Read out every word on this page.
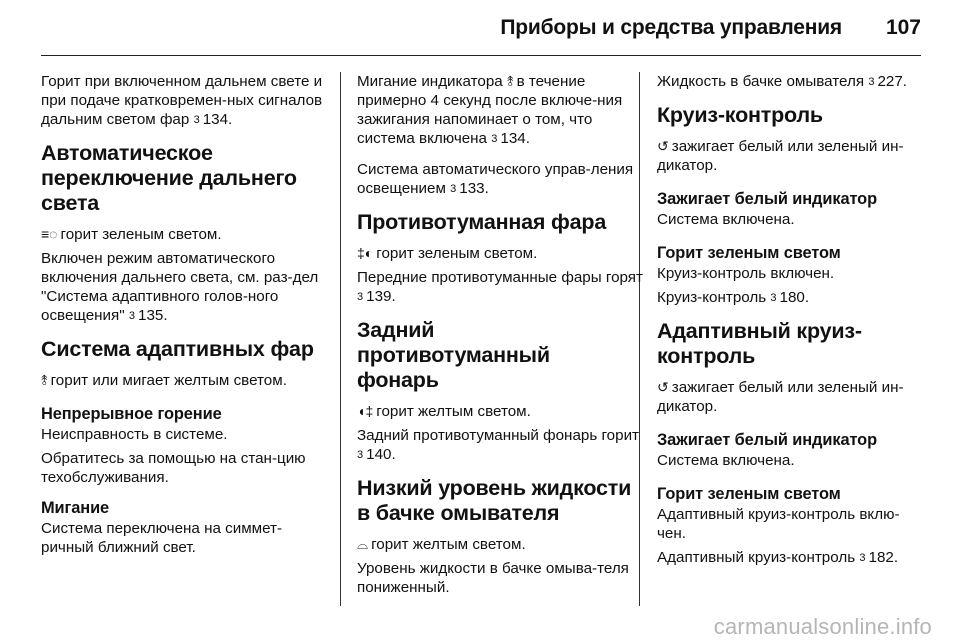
Приборы и средства управления 107

Горит при включенном дальнем свете и при подаче кратковремен-ных сигналов дальним светом фар 3 134.

Автоматическое переключение дальнего света

≡◌ горит зеленым светом.

Включен режим автоматического включения дальнего света, см. раз-дел "Система адаптивного голов-ного освещения" 3 135.

Система адаптивных фар

⥉ горит или мигает желтым светом.

Непрерывное горение

Неисправность в системе.

Обратитесь за помощью на стан-цию техобслуживания.

Мигание

Система переключена на симмет-ричный ближний свет.

Мигание индикатора ⥉ в течение примерно 4 секунд после включе-ния зажигания напоминает о том, что система включена 3 134.

Система автоматического управ-ления освещением 3 133.

Противотуманная фара

‡◐ горит зеленым светом.

Передние противотуманные фары горят 3 139.

Задний противотуманный фонарь

◖‡ горит желтым светом.

Задний противотуманный фонарь горит 3 140.

Низкий уровень жидкости в бачке омывателя

⌓ горит желтым светом.

Уровень жидкости в бачке омыва-теля пониженный.

Жидкость в бачке омывателя 3 227.

Круиз-контроль

↺ зажигает белый или зеленый ин-дикатор.

Зажигает белый индикатор

Система включена.

Горит зеленым светом

Круиз-контроль включен.

Круиз-контроль 3 180.

Адаптивный круиз-контроль

↺ зажигает белый или зеленый ин-дикатор.

Зажигает белый индикатор

Система включена.

Горит зеленым светом

Адаптивный круиз-контроль вклю-чен.

Адаптивный круиз-контроль 3 182.

carmanualsonline.info
